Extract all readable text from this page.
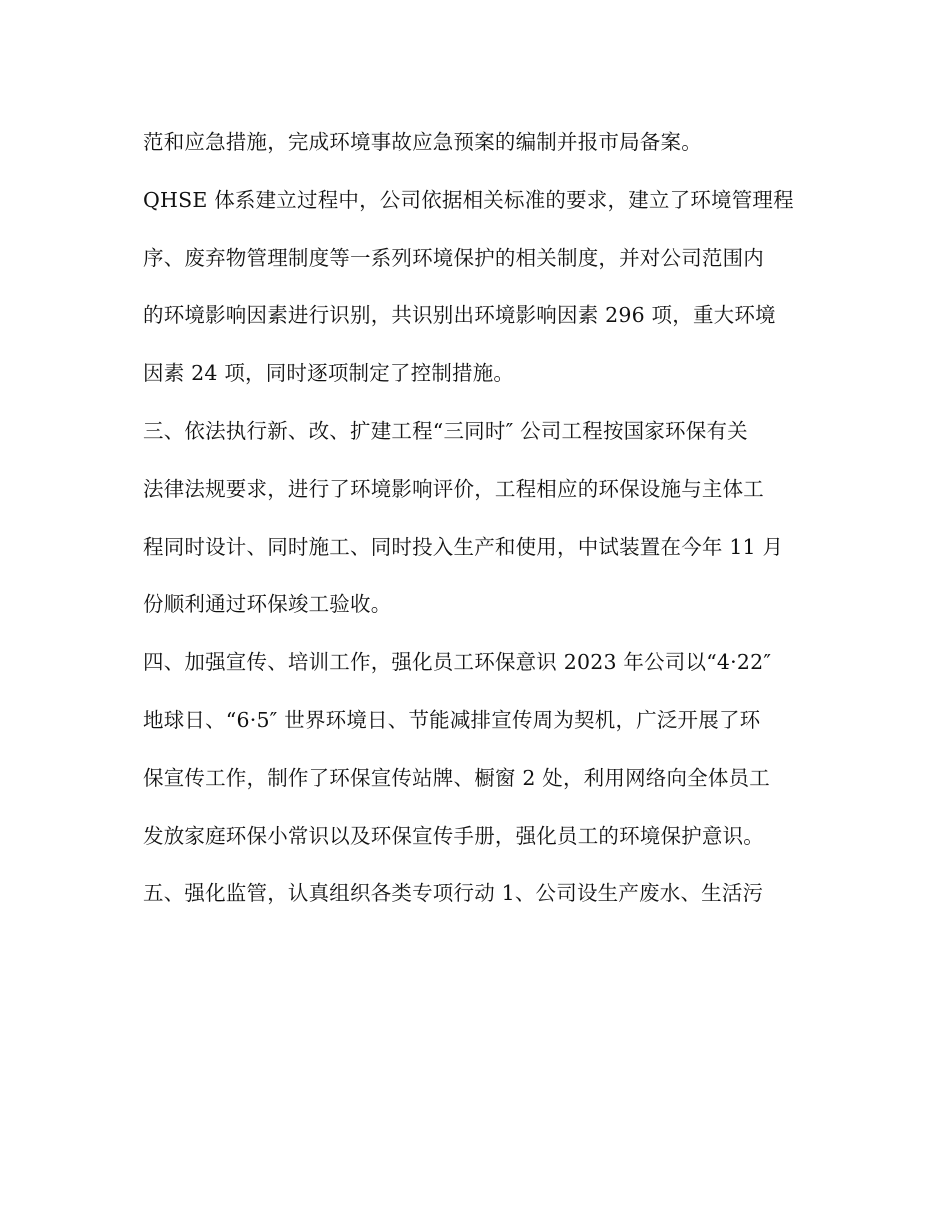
范和应急措施，完成环境事故应急预案的编制并报市局备案。
QHSE 体系建立过程中，公司依据相关标准的要求，建立了环境管理程
序、废弃物管理制度等一系列环境保护的相关制度，并对公司范围内
的环境影响因素进行识别，共识别出环境影响因素 296 项，重大环境
因素 24 项，同时逐项制定了控制措施。
三、依法执行新、改、扩建工程“三同时″ 公司工程按国家环保有关
法律法规要求，进行了环境影响评价，工程相应的环保设施与主体工
程同时设计、同时施工、同时投入生产和使用，中试装置在今年 11 月
份顺利通过环保竣工验收。
四、加强宣传、培训工作，强化员工环保意识 2023 年公司以“4·22″
地球日、“6·5″ 世界环境日、节能减排宣传周为契机，广泛开展了环
保宣传工作，制作了环保宣传站牌、橱窗 2 处，利用网络向全体员工
发放家庭环保小常识以及环保宣传手册，强化员工的环境保护意识。
五、强化监管，认真组织各类专项行动 1、公司设生产废水、生活污
